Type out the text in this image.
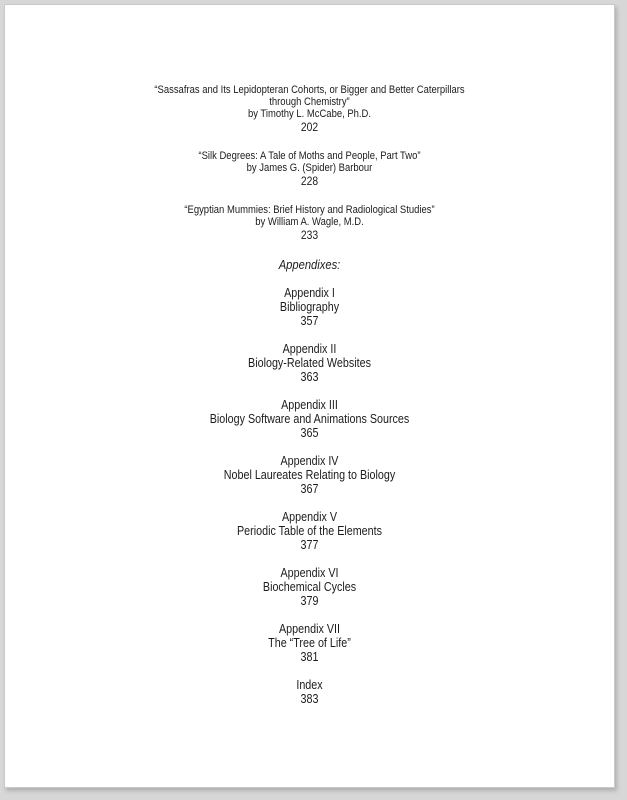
“Sassafras and Its Lepidopteran Cohorts, or Bigger and Better Caterpillars
through Chemistry”
by Timothy L. McCabe, Ph.D.
202
“Silk Degrees: A Tale of Moths and People, Part Two”
by James G. (Spider) Barbour
228
“Egyptian Mummies: Brief History and Radiological Studies”
by William A. Wagle, M.D.
233
Appendixes:
Appendix I
Bibliography
357
Appendix II
Biology-Related Websites
363
Appendix III
Biology Software and Animations Sources
365
Appendix IV
Nobel Laureates Relating to Biology
367
Appendix V
Periodic Table of the Elements
377
Appendix VI
Biochemical Cycles
379
Appendix VII
The “Tree of Life”
381
Index
383
